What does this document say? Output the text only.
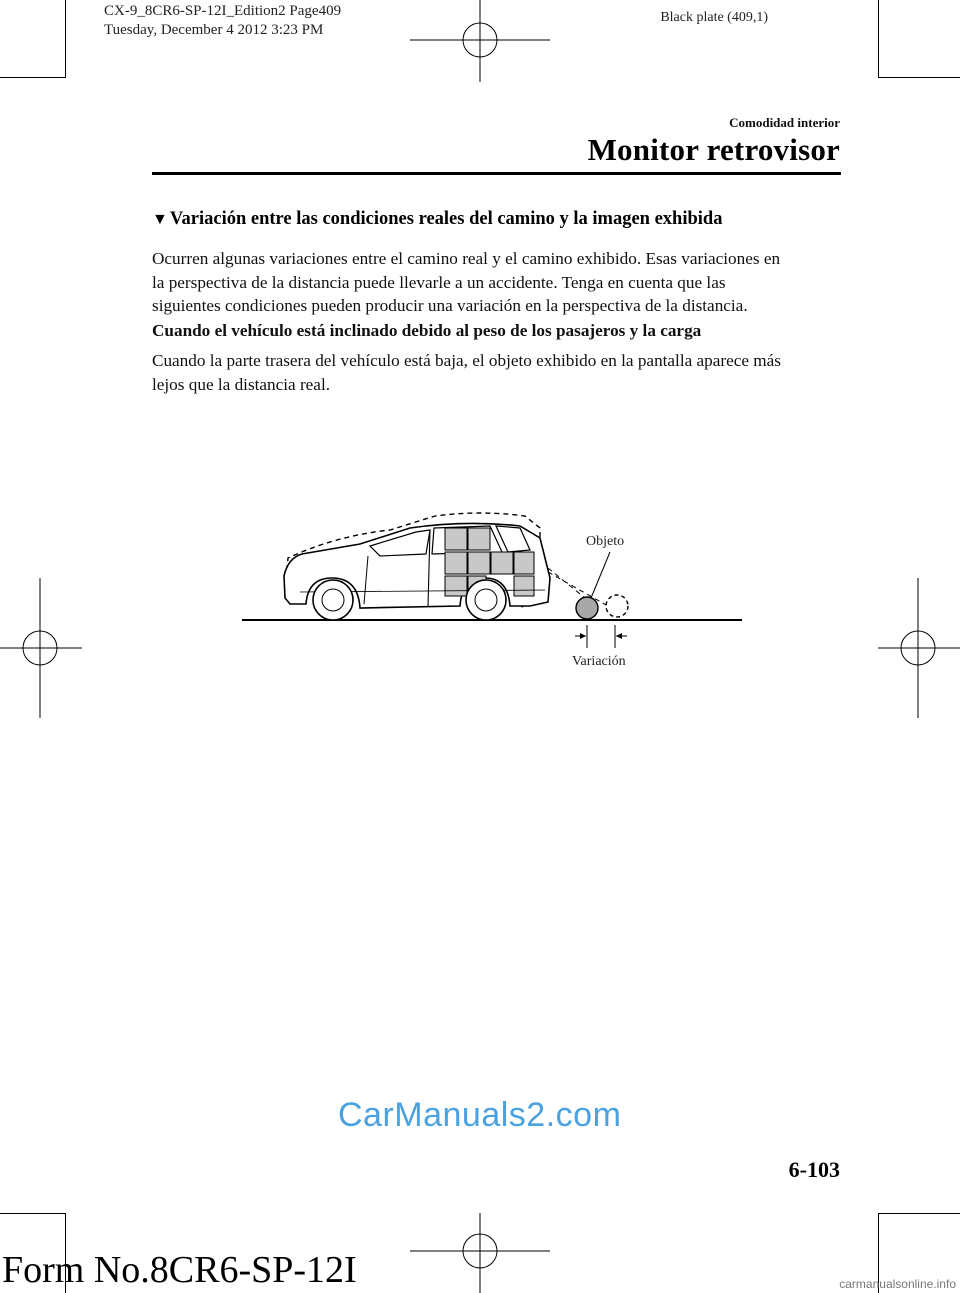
CX-9_8CR6-SP-12I_Edition2 Page409
Tuesday, December 4 2012 3:23 PM
Black plate (409,1)
Comodidad interior
Monitor retrovisor
▼ Variación entre las condiciones reales del camino y la imagen exhibida
Ocurren algunas variaciones entre el camino real y el camino exhibido. Esas variaciones en
la perspectiva de la distancia puede llevarle a un accidente. Tenga en cuenta que las
siguientes condiciones pueden producir una variación en la perspectiva de la distancia.
Cuando el vehículo está inclinado debido al peso de los pasajeros y la carga
Cuando la parte trasera del vehículo está baja, el objeto exhibido en la pantalla aparece más
lejos que la distancia real.
Objeto
Variación
CarManuals2.com
6-103
Form No.8CR6-SP-12I	carmanualsonline.info
